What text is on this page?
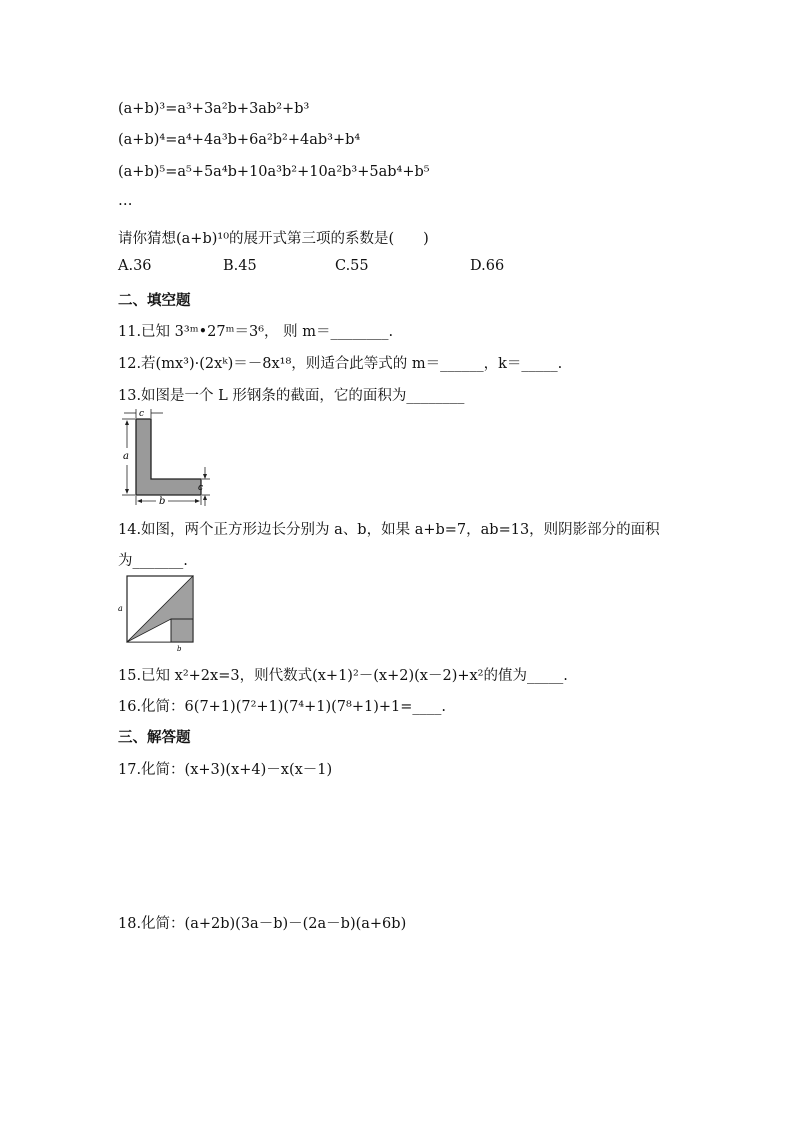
(a+b)³=a³+3a²b+3ab²+b³
(a+b)⁴=a⁴+4a³b+6a²b²+4ab³+b⁴
(a+b)⁵=a⁵+5a⁴b+10a³b²+10a²b³+5ab⁴+b⁵
…
请你猜想(a+b)¹⁰的展开式第三项的系数是(　　)
A.36	B.45	C.55	D.66
二、填空题
11.已知 3³ᵐ•27ᵐ＝3⁶， 则 m＝________.
12.若(mx³)·(2xᵏ)＝－8x¹⁸，则适合此等式的 m＝______，k＝_____.
13.如图是一个 L 形钢条的截面，它的面积为________
c
a
b
c
14.如图，两个正方形边长分别为 a、b，如果 a+b=7，ab=13，则阴影部分的面积
为_______.
a
b
15.已知 x²+2x=3，则代数式(x+1)²－(x+2)(x－2)+x²的值为_____.
16.化简：6(7+1)(7²+1)(7⁴+1)(7⁸+1)+1=____.
三、解答题
17.化简：(x+3)(x+4)－x(x－1)
18.化简：(a+2b)(3a－b)－(2a－b)(a+6b)
